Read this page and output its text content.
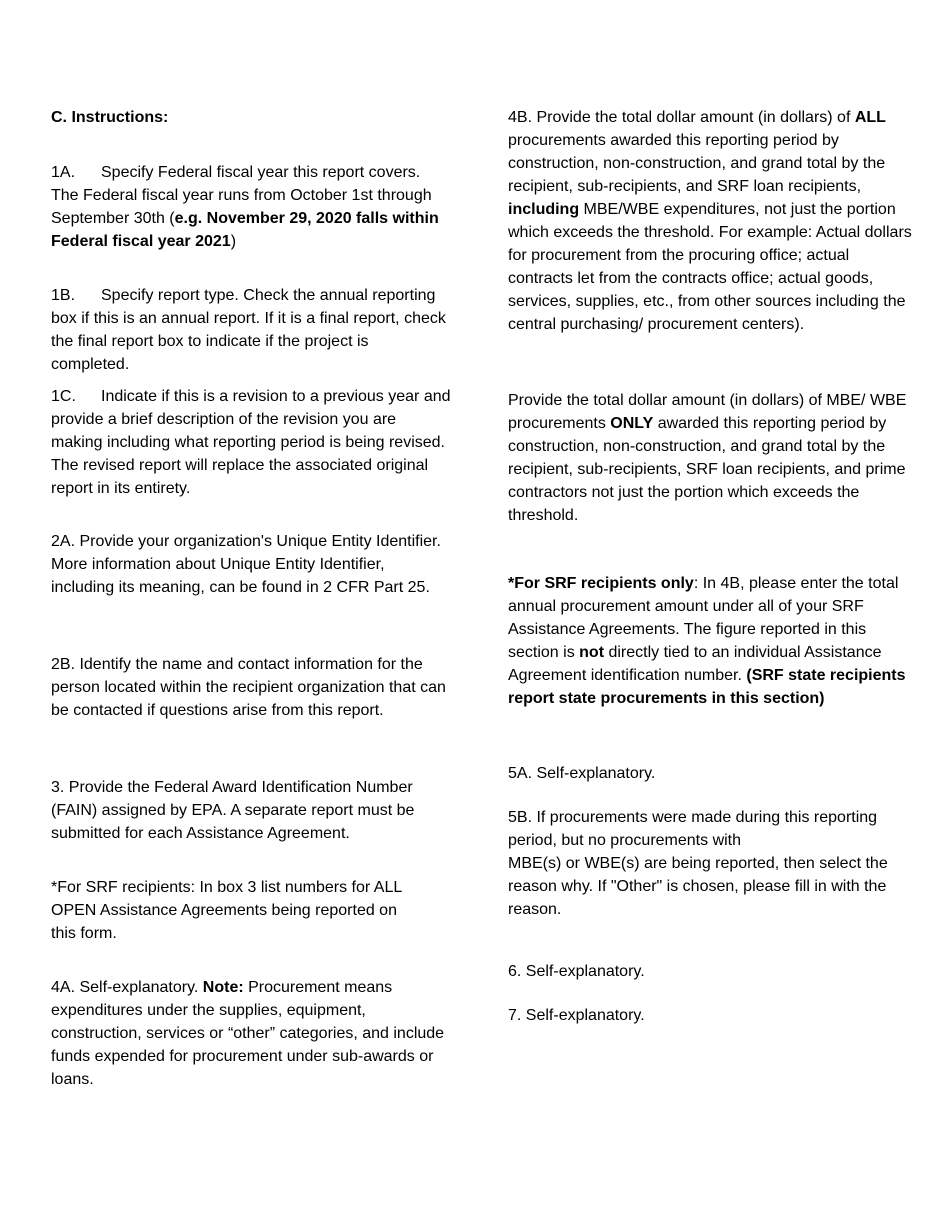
C. Instructions:

1A. Specify Federal fiscal year this report covers. The Federal fiscal year runs from October 1st through September 30th (e.g. November 29, 2020 falls within Federal fiscal year 2021)

1B. Specify report type. Check the annual reporting box if this is an annual report. If it is a final report, check the final report box to indicate if the project is completed.

1C. Indicate if this is a revision to a previous year and provide a brief description of the revision you are making including what reporting period is being revised. The revised report will replace the associated original report in its entirety.

2A. Provide your organization's Unique Entity Identifier. More information about Unique Entity Identifier, including its meaning, can be found in 2 CFR Part 25.

2B. Identify the name and contact information for the person located within the recipient organization that can be contacted if questions arise from this report.

3. Provide the Federal Award Identification Number (FAIN) assigned by EPA. A separate report must be submitted for each Assistance Agreement.

*For SRF recipients: In box 3 list numbers for ALL OPEN Assistance Agreements being reported on
this form.

4A. Self-explanatory. Note: Procurement means expenditures under the supplies, equipment, construction, services or “other” categories, and include funds expended for procurement under sub-awards or loans.

4B. Provide the total dollar amount (in dollars) of ALL procurements awarded this reporting period by construction, non-construction, and grand total by the recipient, sub-recipients, and SRF loan recipients, including MBE/WBE expenditures, not just the portion which exceeds the threshold. For example: Actual dollars for procurement from the procuring office; actual contracts let from the contracts office; actual goods, services, supplies, etc., from other sources including the central purchasing/ procurement centers).

Provide the total dollar amount (in dollars) of MBE/ WBE procurements ONLY awarded this reporting period by construction, non-construction, and grand total by the recipient, sub-recipients, SRF loan recipients, and prime contractors not just the portion which exceeds the threshold.

*For SRF recipients only: In 4B, please enter the total annual procurement amount under all of your SRF Assistance Agreements. The figure reported in this section is not directly tied to an individual Assistance Agreement identification number. (SRF state recipients report state procurements in this section)

5A. Self-explanatory.

5B. If procurements were made during this reporting period, but no procurements with
MBE(s) or WBE(s) are being reported, then select the reason why. If "Other" is chosen, please fill in with the reason.

6. Self-explanatory.

7. Self-explanatory.
